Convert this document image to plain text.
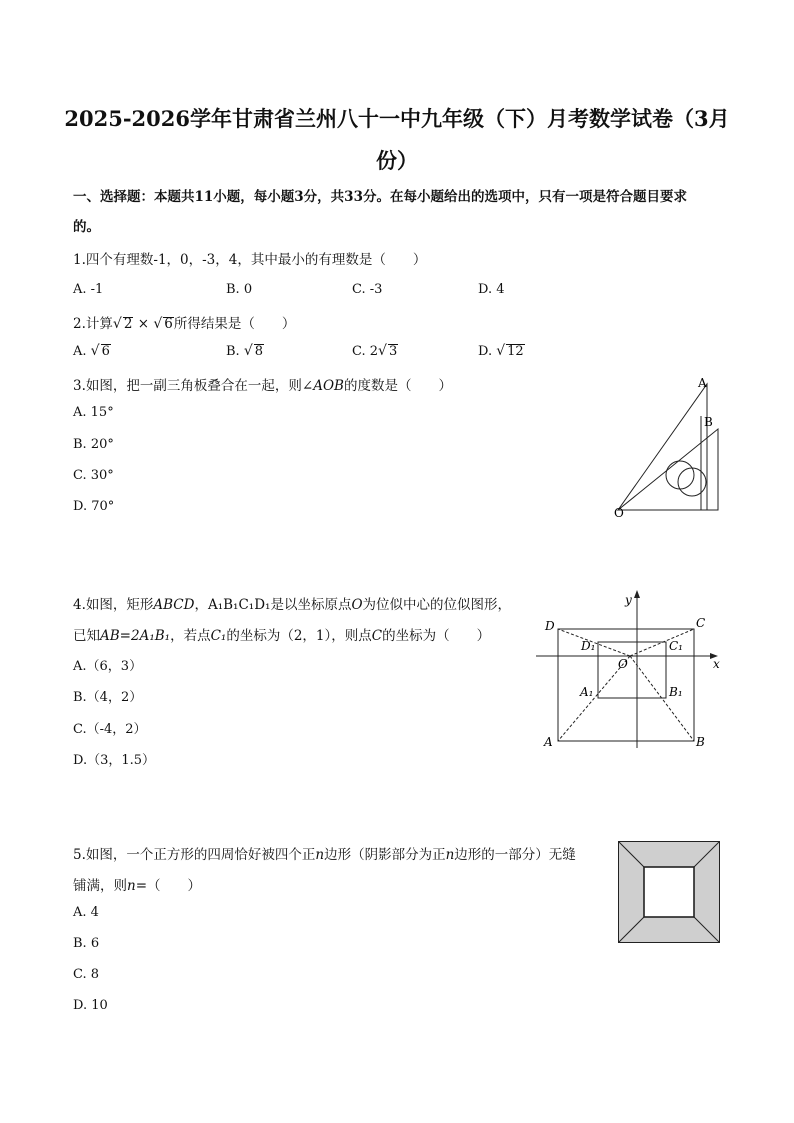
2025-2026学年甘肃省兰州八十一中九年级（下）月考数学试卷（3月
份）
一、选择题：本题共11小题，每小题3分，共33分。在每小题给出的选项中，只有一项是符合题目要求
的。
1.四个有理数-1，0，-3，4，其中最小的有理数是（　　）
A. -1	B. 0	C. -3	D. 4
2.计算√ 2 × √ 6所得结果是（　　）
A. √ 6	B. √ 8	C. 2√ 3	D. √ 12
3.如图，把一副三角板叠合在一起，则∠AOB的度数是（　　）
A. 15°
B. 20°
C. 30°
D. 70°
A
B
O
4.如图，矩形ABCD，A₁B₁C₁D₁是以坐标原点O为位似中心的位似图形，
已知AB=2A₁B₁，若点C₁的坐标为（2，1），则点C的坐标为（　　）
A.（6，3）
B.（4，2）
C.（-4，2）
D.（3，1.5）
y
x
D	C
A	B
D₁	C₁
A₁	B₁
O
5.如图，一个正方形的四周恰好被四个正n边形（阴影部分为正n边形的一部分）无缝
铺满，则n=（　　）
A. 4
B. 6
C. 8
D. 10
